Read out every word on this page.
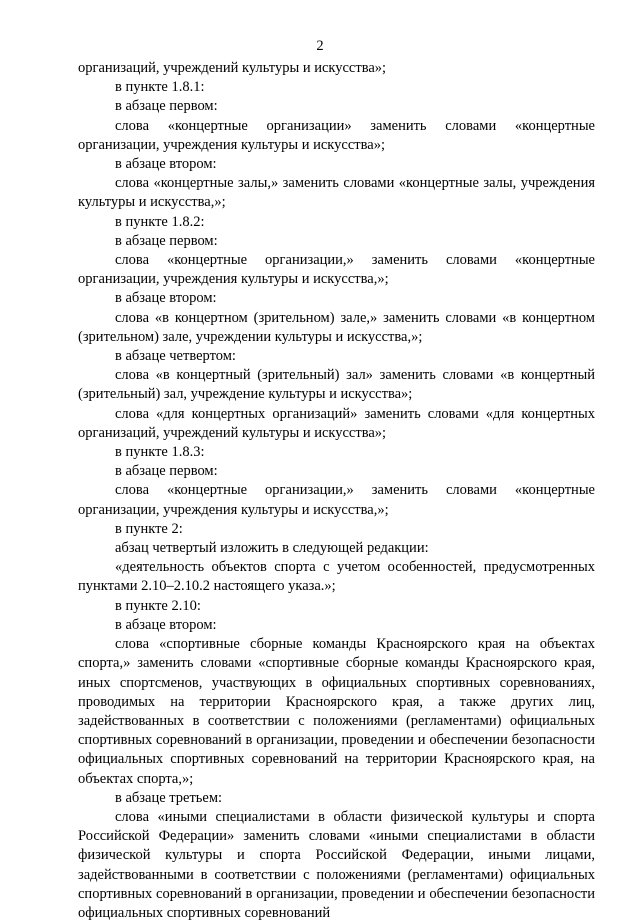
2

организаций, учреждений культуры и искусства»;

в пункте 1.8.1:

в абзаце первом:

слова «концертные организации» заменить словами «концертные организации, учреждения культуры и искусства»;

в абзаце втором:

слова «концертные залы,» заменить словами «концертные залы, учреждения культуры и искусства,»;

в пункте 1.8.2:

в абзаце первом:

слова «концертные организации,» заменить словами «концертные организации, учреждения культуры и искусства,»;

в абзаце втором:

слова «в концертном (зрительном) зале,» заменить словами «в концертном (зрительном) зале, учреждении культуры и искусства,»;

в абзаце четвертом:

слова «в концертный (зрительный) зал» заменить словами «в концертный (зрительный) зал, учреждение культуры и искусства»;

слова «для концертных организаций» заменить словами «для концертных организаций, учреждений культуры и искусства»;

в пункте 1.8.3:

в абзаце первом:

слова «концертные организации,» заменить словами «концертные организации, учреждения культуры и искусства,»;

в пункте 2:

абзац четвертый изложить в следующей редакции:

«деятельность объектов спорта с учетом особенностей, предусмотренных пунктами 2.10–2.10.2 настоящего указа.»;

в пункте 2.10:

в абзаце втором:

слова «спортивные сборные команды Красноярского края на объектах спорта,» заменить словами «спортивные сборные команды Красноярского края, иных спортсменов, участвующих в официальных спортивных соревнованиях, проводимых на территории Красноярского края, а также других лиц, задействованных в соответствии с положениями (регламентами) официальных спортивных соревнований в организации, проведении и обеспечении безопасности официальных спортивных соревнований на территории Красноярского края, на объектах спорта,»;

в абзаце третьем:

слова «иными специалистами в области физической культуры и спорта Российской Федерации» заменить словами «иными специалистами в области физической культуры и спорта Российской Федерации, иными лицами, задействованными в соответствии с положениями (регламентами) официальных спортивных соревнований в организации, проведении и обеспечении безопасности официальных спортивных соревнований
